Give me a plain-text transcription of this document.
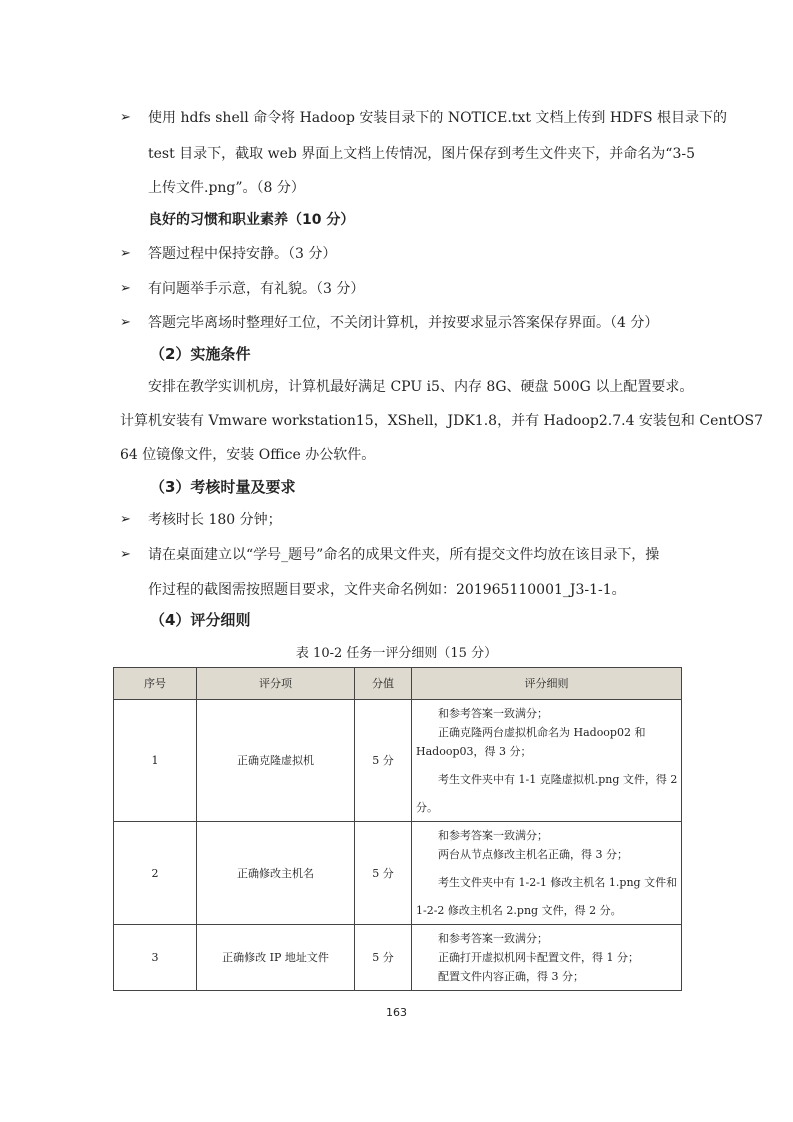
➢ 使用 hdfs shell 命令将 Hadoop 安装目录下的 NOTICE.txt 文档上传到 HDFS 根目录下的
test 目录下，截取 web 界面上文档上传情况，图片保存到考生文件夹下，并命名为“3-5
上传文件.png”。（8 分）
良好的习惯和职业素养（10 分）
➢ 答题过程中保持安静。（3 分）
➢ 有问题举手示意，有礼貌。（3 分）
➢ 答题完毕离场时整理好工位，不关闭计算机，并按要求显示答案保存界面。（4 分）
（2）实施条件
安排在教学实训机房，计算机最好满足 CPU i5、内存 8G、硬盘 500G 以上配置要求。
计算机安装有 Vmware workstation15，XShell，JDK1.8，并有 Hadoop2.7.4 安装包和 CentOS7
64 位镜像文件，安装 Office 办公软件。
（3）考核时量及要求
➢ 考核时长 180 分钟；
➢ 请在桌面建立以“学号_题号”命名的成果文件夹，所有提交文件均放在该目录下，操
作过程的截图需按照题目要求，文件夹命名例如：201965110001_J3-1-1。
（4）评分细则
表 10-2 任务一评分细则（15 分）
序号	评分项	分值	评分细则
1	正确克隆虚拟机	5 分	和参考答案一致满分；
正确克隆两台虚拟机命名为 Hadoop02 和
Hadoop03，得 3 分；
考生文件夹中有 1-1 克隆虚拟机.png 文件，得 2
分。

2	正确修改主机名	5 分	和参考答案一致满分；
两台从节点修改主机名正确，得 3 分；
考生文件夹中有 1-2-1 修改主机名 1.png 文件和
1-2-2 修改主机名 2.png 文件，得 2 分。

3	正确修改 IP 地址文件	5 分	和参考答案一致满分；
正确打开虚拟机网卡配置文件，得 1 分；
配置文件内容正确，得 3 分；
163
